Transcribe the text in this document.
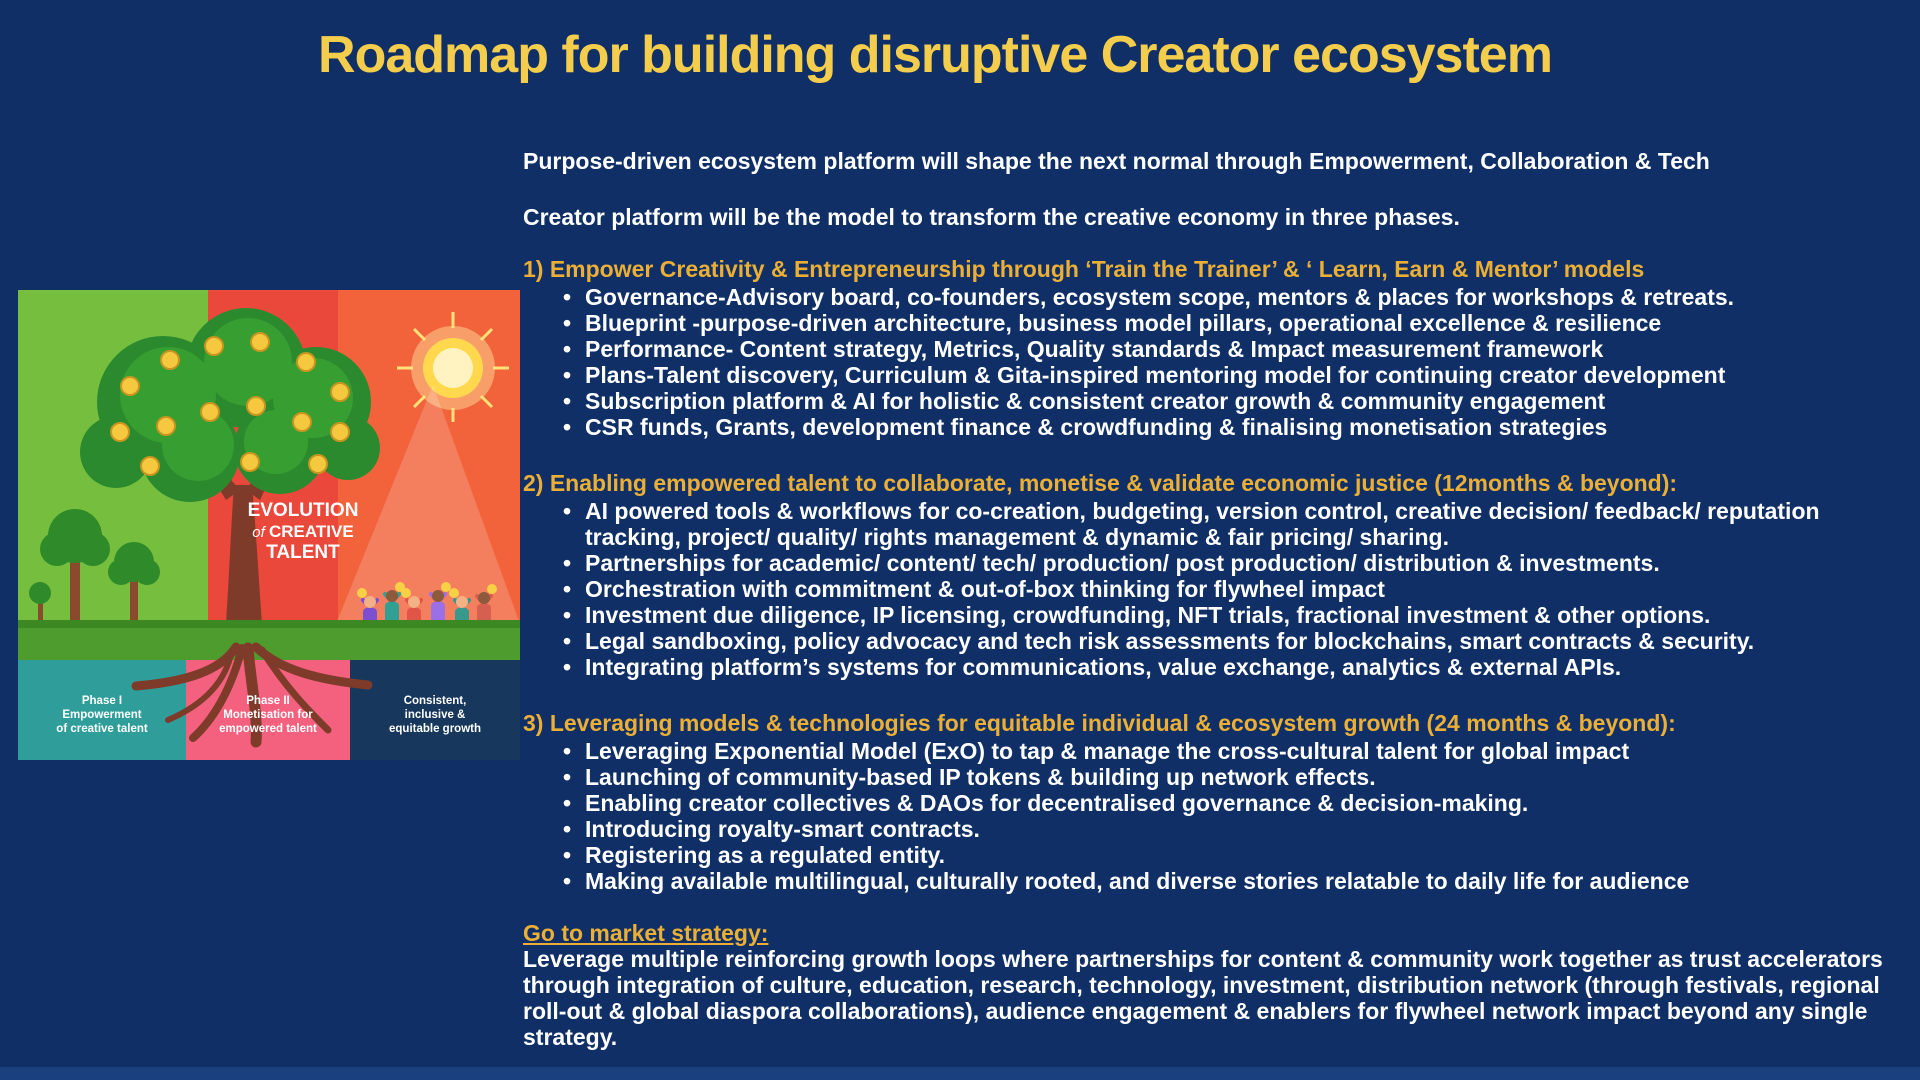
Roadmap for building disruptive Creator ecosystem
EVOLUTION
of CREATIVE
TALENT
Phase I
Empowerment
of creative talent
Phase II
Monetisation for
empowered talent
Consistent,
inclusive &
equitable growth

Purpose-driven ecosystem platform will shape the next normal through Empowerment, Collaboration & Tech

Creator platform will be the model to transform the creative economy in three phases.

1) Empower Creativity & Entrepreneurship through ‘Train the Trainer’ & ‘ Learn, Earn & Mentor’ models
• Governance-Advisory board, co-founders, ecosystem scope, mentors & places for workshops & retreats.
• Blueprint -purpose-driven architecture, business model pillars, operational excellence & resilience
• Performance- Content strategy, Metrics, Quality standards & Impact measurement framework
• Plans-Talent discovery, Curriculum & Gita-inspired mentoring model for continuing creator development
• Subscription platform & AI for holistic & consistent creator growth & community engagement
• CSR funds, Grants, development finance & crowdfunding & finalising monetisation strategies
2) Enabling empowered talent to collaborate, monetise & validate economic justice (12months & beyond):
• AI powered tools & workflows for co-creation, budgeting, version control, creative decision/ feedback/ reputation tracking, project/ quality/ rights management & dynamic & fair pricing/ sharing.
• Partnerships for academic/ content/ tech/ production/ post production/ distribution & investments.
• Orchestration with commitment & out-of-box thinking for flywheel impact
• Investment due diligence, IP licensing, crowdfunding, NFT trials, fractional investment & other options.
• Legal sandboxing, policy advocacy and tech risk assessments for blockchains, smart contracts & security.
• Integrating platform’s systems for communications, value exchange, analytics & external APIs.
3) Leveraging models & technologies for equitable individual & ecosystem growth (24 months & beyond):
• Leveraging Exponential Model (ExO) to tap & manage the cross-cultural talent for global impact
• Launching of community-based IP tokens & building up network effects.
• Enabling creator collectives & DAOs for decentralised governance & decision-making.
• Introducing royalty-smart contracts.
• Registering as a regulated entity.
• Making available multilingual, culturally rooted, and diverse stories relatable to daily life for audience
Go to market strategy:

Leverage multiple reinforcing growth loops where partnerships for content & community work together as trust accelerators through integration of culture, education, research, technology, investment, distribution network (through festivals, regional roll-out & global diaspora collaborations), audience engagement & enablers for flywheel network impact beyond any single strategy.
